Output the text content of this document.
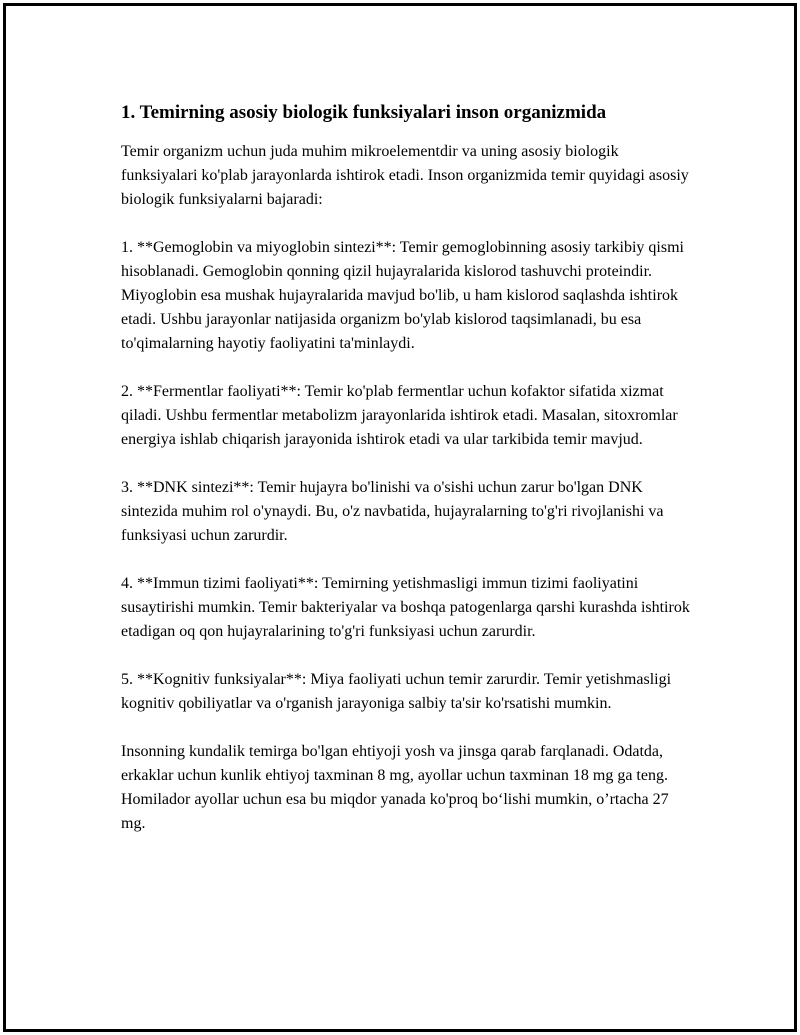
1. Temirning asosiy biologik funksiyalari inson organizmida

Temir organizm uchun juda muhim mikroelementdir va uning asosiy biologik funksiyalari ko'plab jarayonlarda ishtirok etadi. Inson organizmida temir quyidagi asosiy biologik funksiyalarni bajaradi:

1. **Gemoglobin va miyoglobin sintezi**: Temir gemoglobinning asosiy tarkibiy qismi hisoblanadi. Gemoglobin qonning qizil hujayralarida kislorod tashuvchi proteindir. Miyoglobin esa mushak hujayralarida mavjud bo'lib, u ham kislorod saqlashda ishtirok etadi. Ushbu jarayonlar natijasida organizm bo'ylab kislorod taqsimlanadi, bu esa to'qimalarning hayotiy faoliyatini ta'minlaydi.

2. **Fermentlar faoliyati**: Temir ko'plab fermentlar uchun kofaktor sifatida xizmat qiladi. Ushbu fermentlar metabolizm jarayonlarida ishtirok etadi. Masalan, sitoxromlar energiya ishlab chiqarish jarayonida ishtirok etadi va ular tarkibida temir mavjud.

3. **DNK sintezi**: Temir hujayra bo'linishi va o'sishi uchun zarur bo'lgan DNK sintezida muhim rol o'ynaydi. Bu, o'z navbatida, hujayralarning to'g'ri rivojlanishi va funksiyasi uchun zarurdir.

4. **Immun tizimi faoliyati**: Temirning yetishmasligi immun tizimi faoliyatini susaytirishi mumkin. Temir bakteriyalar va boshqa patogenlarga qarshi kurashda ishtirok etadigan oq qon hujayralarining to'g'ri funksiyasi uchun zarurdir.

5. **Kognitiv funksiyalar**: Miya faoliyati uchun temir zarurdir. Temir yetishmasligi kognitiv qobiliyatlar va o'rganish jarayoniga salbiy ta'sir ko'rsatishi mumkin.

Insonning kundalik temirga bo'lgan ehtiyoji yosh va jinsga qarab farqlanadi. Odatda, erkaklar uchun kunlik ehtiyoj taxminan 8 mg, ayollar uchun taxminan 18 mg ga teng. Homilador ayollar uchun esa bu miqdor yanada ko'proq bo‘lishi mumkin, o’rtacha 27 mg.
